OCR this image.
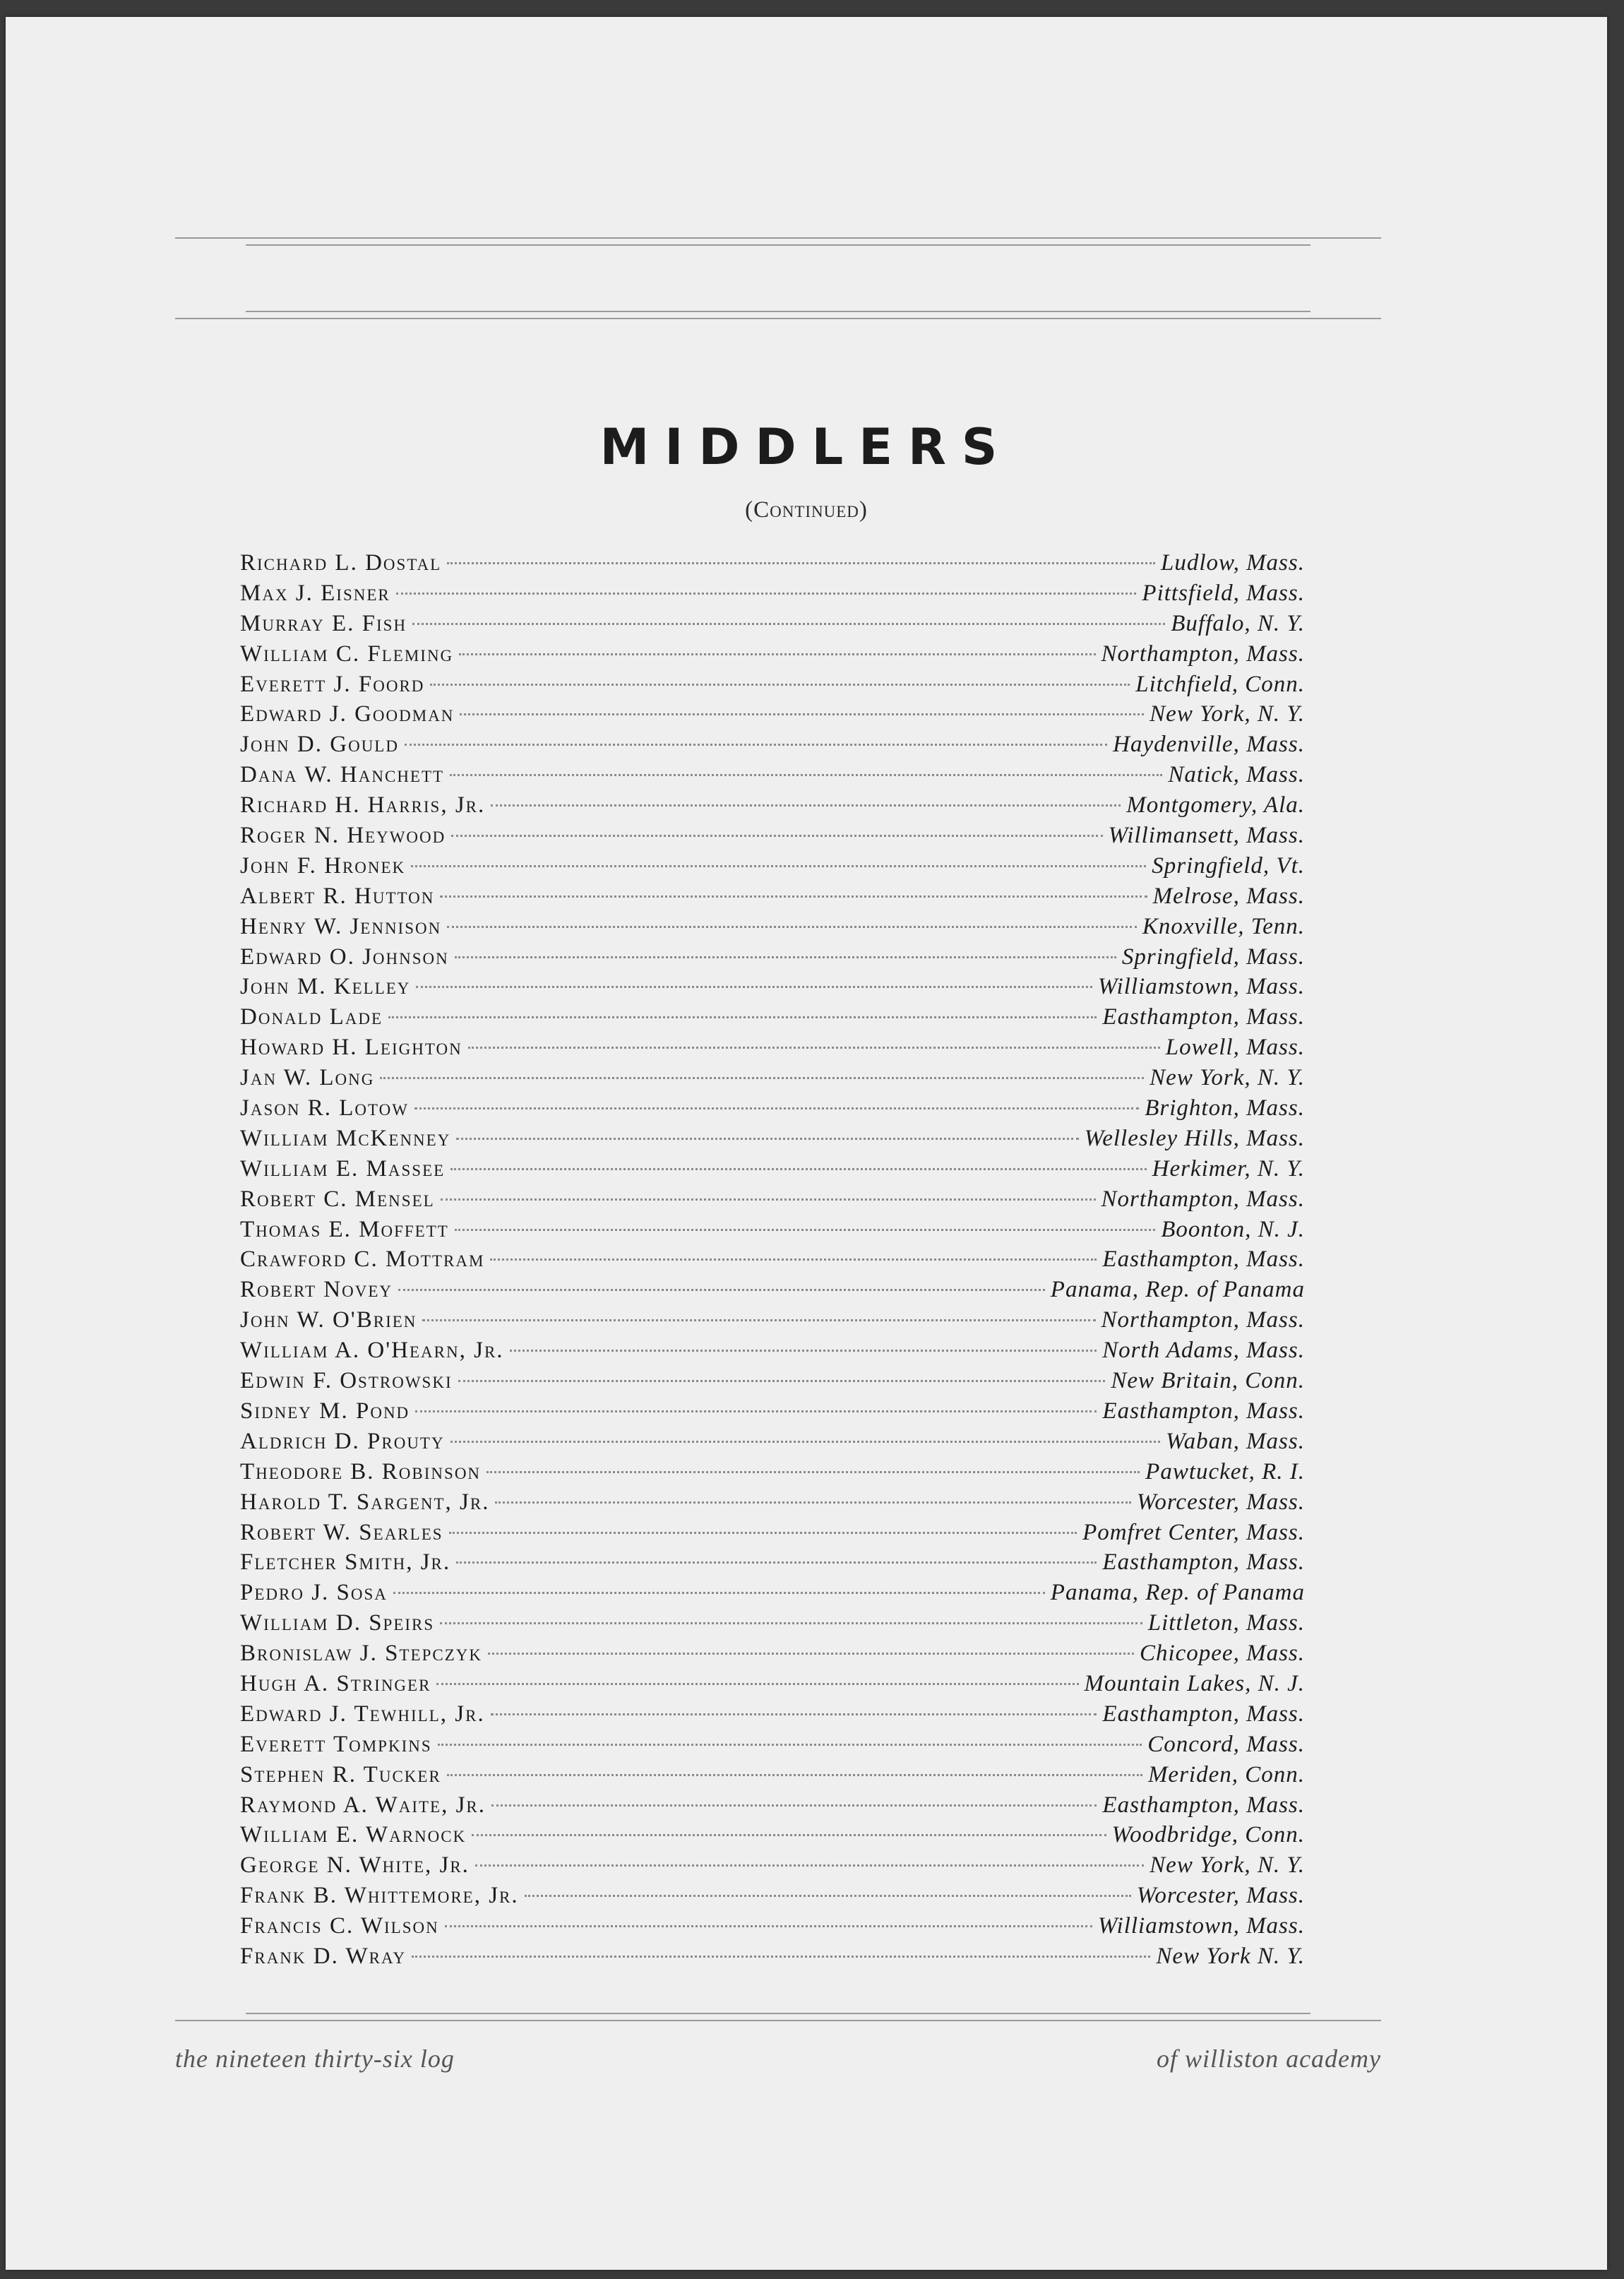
MIDDLERS
(Continued)
Richard L. Dostal	Ludlow, Mass.
Max J. Eisner	Pittsfield, Mass.
Murray E. Fish	Buffalo, N. Y.
William C. Fleming	Northampton, Mass.
Everett J. Foord	Litchfield, Conn.
Edward J. Goodman	New York, N. Y.
John D. Gould	Haydenville, Mass.
Dana W. Hanchett	Natick, Mass.
Richard H. Harris, Jr.	Montgomery, Ala.
Roger N. Heywood	Willimansett, Mass.
John F. Hronek	Springfield, Vt.
Albert R. Hutton	Melrose, Mass.
Henry W. Jennison	Knoxville, Tenn.
Edward O. Johnson	Springfield, Mass.
John M. Kelley	Williamstown, Mass.
Donald Lade	Easthampton, Mass.
Howard H. Leighton	Lowell, Mass.
Jan W. Long	New York, N. Y.
Jason R. Lotow	Brighton, Mass.
William McKenney	Wellesley Hills, Mass.
William E. Massee	Herkimer, N. Y.
Robert C. Mensel	Northampton, Mass.
Thomas E. Moffett	Boonton, N. J.
Crawford C. Mottram	Easthampton, Mass.
Robert Novey	Panama, Rep. of Panama
John W. O'Brien	Northampton, Mass.
William A. O'Hearn, Jr.	North Adams, Mass.
Edwin F. Ostrowski	New Britain, Conn.
Sidney M. Pond	Easthampton, Mass.
Aldrich D. Prouty	Waban, Mass.
Theodore B. Robinson	Pawtucket, R. I.
Harold T. Sargent, Jr.	Worcester, Mass.
Robert W. Searles	Pomfret Center, Mass.
Fletcher Smith, Jr.	Easthampton, Mass.
Pedro J. Sosa	Panama, Rep. of Panama
William D. Speirs	Littleton, Mass.
Bronislaw J. Stepczyk	Chicopee, Mass.
Hugh A. Stringer	Mountain Lakes, N. J.
Edward J. Tewhill, Jr.	Easthampton, Mass.
Everett Tompkins	Concord, Mass.
Stephen R. Tucker	Meriden, Conn.
Raymond A. Waite, Jr.	Easthampton, Mass.
William E. Warnock	Woodbridge, Conn.
George N. White, Jr.	New York, N. Y.
Frank B. Whittemore, Jr.	Worcester, Mass.
Francis C. Wilson	Williamstown, Mass.
Frank D. Wray	New York N. Y.
the nineteen thirty-six log	of williston academy
